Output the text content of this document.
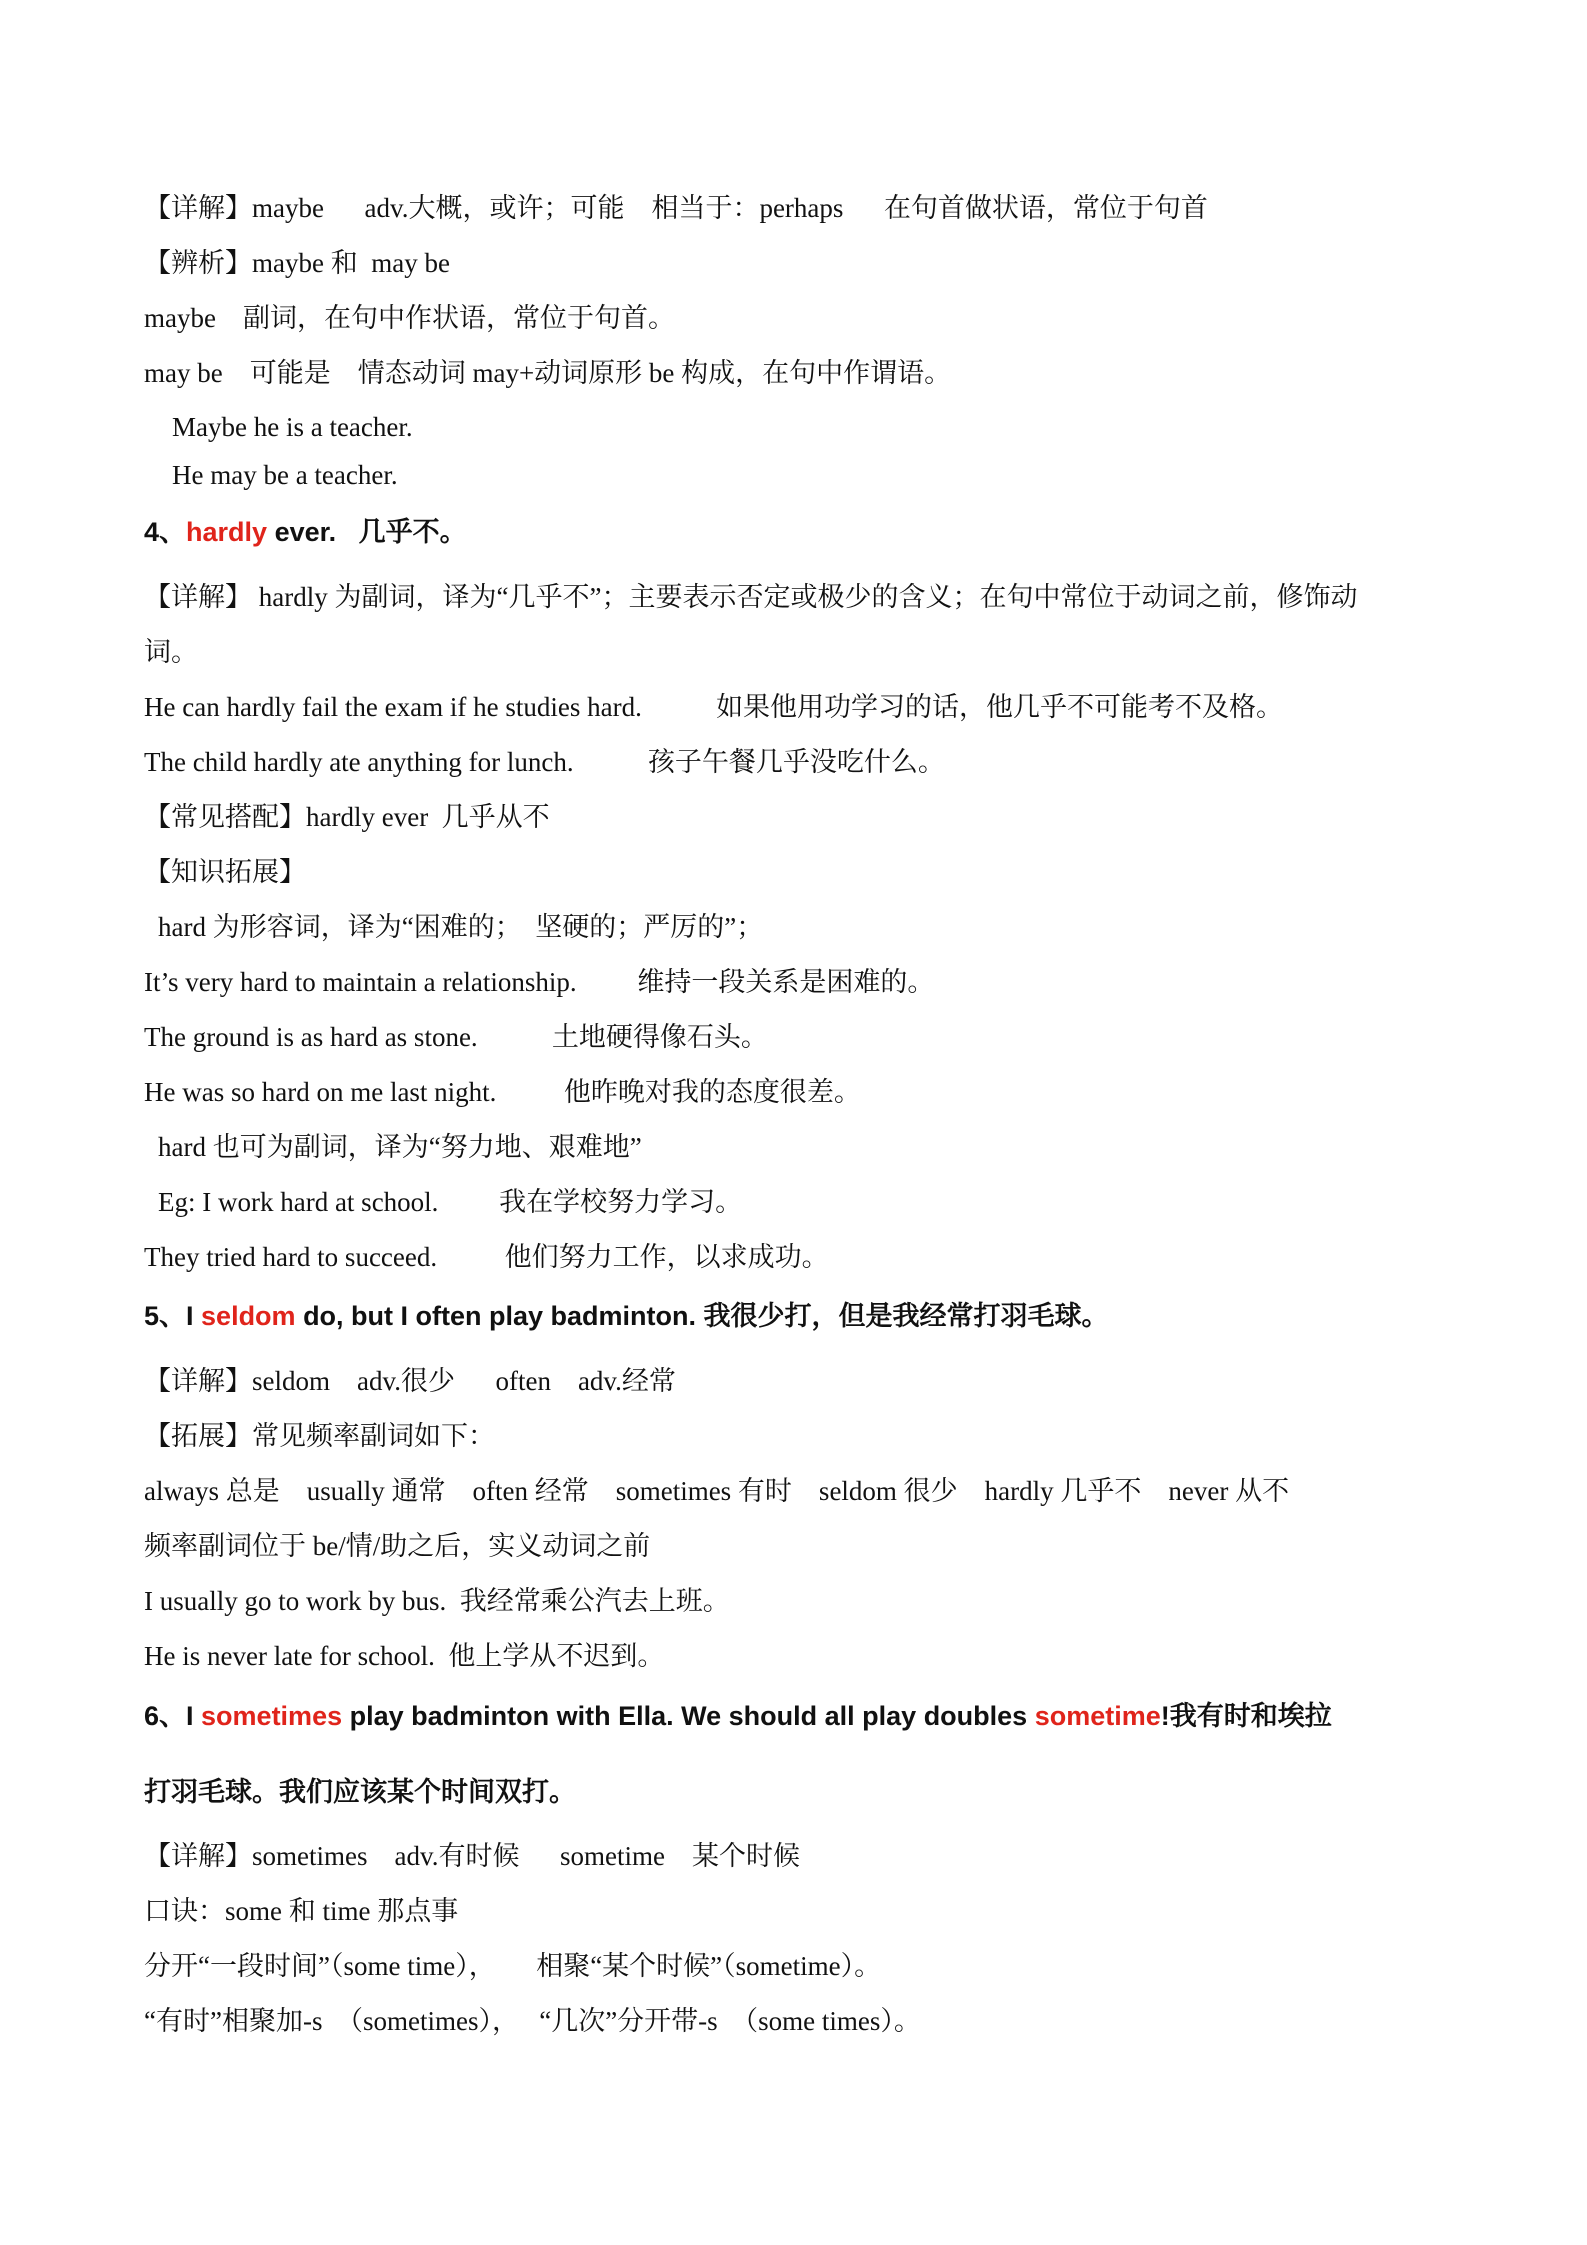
【详解】maybe      adv.大概，或许；可能    相当于：perhaps      在句首做状语，常位于句首
【辨析】maybe 和  may be
maybe    副词，在句中作状语，常位于句首。
may be    可能是    情态动词 may+动词原形 be 构成，在句中作谓语。
Maybe he is a teacher.
He may be a teacher.
4、hardly ever.   几乎不。
【详解】 hardly 为副词，译为“几乎不”；主要表示否定或极少的含义；在句中常位于动词之前，修饰动
词。
He can hardly fail the exam if he studies hard.           如果他用功学习的话，他几乎不可能考不及格。
The child hardly ate anything for lunch.           孩子午餐几乎没吃什么。
【常见搭配】hardly ever  几乎从不
【知识拓展】
hard 为形容词，译为“困难的；  坚硬的；严厉的”；
It’s very hard to maintain a relationship.         维持一段关系是困难的。
The ground is as hard as stone.           土地硬得像石头。
He was so hard on me last night.          他昨晚对我的态度很差。
hard 也可为副词，译为“努力地、艰难地”
Eg: I work hard at school.         我在学校努力学习。
They tried hard to succeed.          他们努力工作，以求成功。
5、I seldom do, but I often play badminton. 我很少打，但是我经常打羽毛球。
【详解】seldom    adv.很少      often    adv.经常
【拓展】常见频率副词如下：
always 总是    usually 通常    often 经常    sometimes 有时    seldom 很少    hardly 几乎不    never 从不
频率副词位于 be/情/助之后，实义动词之前
I usually go to work by bus.  我经常乘公汽去上班。
He is never late for school.  他上学从不迟到。
6、I sometimes play badminton with Ella. We should all play doubles sometime!我有时和埃拉
打羽毛球。我们应该某个时间双打。
【详解】sometimes    adv.有时候      sometime    某个时候
口诀：some 和 time 那点事
分开“一段时间”（some time），      相聚“某个时候”（sometime）。
“有时”相聚加-s  （sometimes），   “几次”分开带-s  （some times）。
